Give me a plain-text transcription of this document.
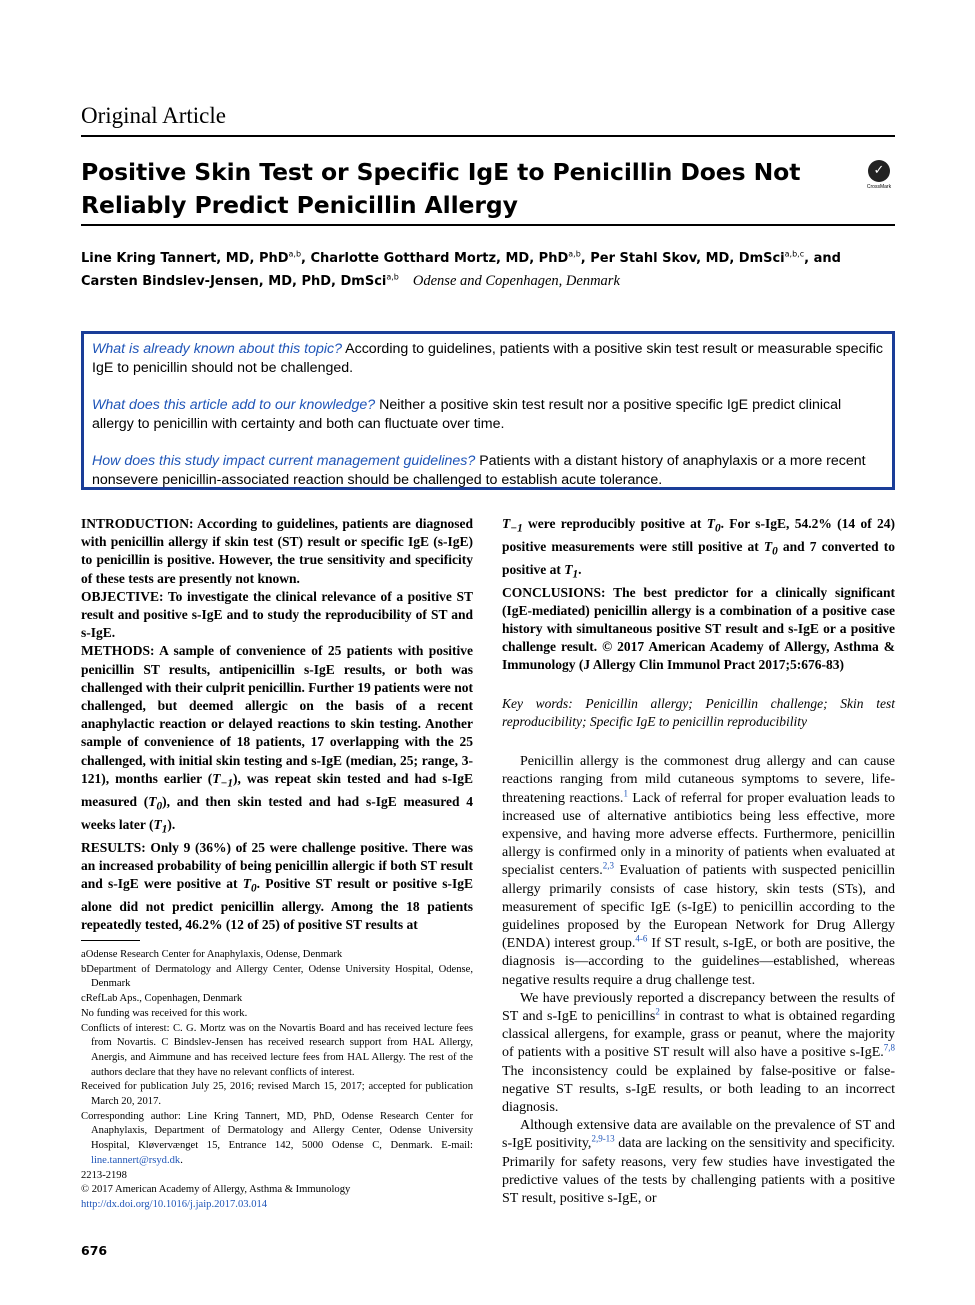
Original Article
Positive Skin Test or Specific IgE to Penicillin Does Not Reliably Predict Penicillin Allergy
✓
CrossMark
Line Kring Tannert, MD, PhD$^{a,b}$, Charlotte Gotthard Mortz, MD, PhD$^{a,b}$, Per Stahl Skov, MD, DmSci$^{a,b,c}$, and
Carsten Bindslev-Jensen, MD, PhD, DmSci$^{a,b}$ Odense and Copenhagen, Denmark

What is already known about this topic? According to guidelines, patients with a positive skin test result or measurable specific IgE to penicillin should not be challenged.

What does this article add to our knowledge? Neither a positive skin test result nor a positive specific IgE predict clinical allergy to penicillin with certainty and both can fluctuate over time.

How does this study impact current management guidelines? Patients with a distant history of anaphylaxis or a more recent nonsevere penicillin-associated reaction should be challenged to establish acute tolerance.

INTRODUCTION: According to guidelines, patients are diagnosed with penicillin allergy if skin test (ST) result or specific IgE (s-IgE) to penicillin is positive. However, the true sensitivity and specificity of these tests are presently not known.

OBJECTIVE: To investigate the clinical relevance of a positive ST result and positive s-IgE and to study the reproducibility of ST and s-IgE.

METHODS: A sample of convenience of 25 patients with positive penicillin ST results, antipenicillin s-IgE results, or both was challenged with their culprit penicillin. Further 19 patients were not challenged, but deemed allergic on the basis of a recent anaphylactic reaction or delayed reactions to skin testing. Another sample of convenience of 18 patients, 17 overlapping with the 25 challenged, with initial skin testing and s-IgE (median, 25; range, 3-121), months earlier $(T_{-1})$, was repeat skin tested and had s-IgE measured $(T_0)$, and then skin tested and had s-IgE measured 4 weeks later $(T_1)$.

RESULTS: Only 9 (36%) of 25 were challenge positive. There was an increased probability of being penicillin allergic if both ST result and s-IgE were positive at $T_0$. Positive ST result or positive s-IgE alone did not predict penicillin allergy. Among the 18 patients repeatedly tested, 46.2% (12 of 25) of positive ST results at

$T_{-1}$ were reproducibly positive at $T_0$. For s-IgE, 54.2% (14 of 24) positive measurements were still positive at $T_0$ and 7 converted to positive at $T_1$.

CONCLUSIONS: The best predictor for a clinically significant (IgE-mediated) penicillin allergy is a combination of a positive case history with simultaneous positive ST result and s-IgE or a positive challenge result. © 2017 American Academy of Allergy, Asthma & Immunology (J Allergy Clin Immunol Pract 2017;5:676-83)

Key words: Penicillin allergy; Penicillin challenge; Skin test reproducibility; Specific IgE to penicillin reproducibility

Penicillin allergy is the commonest drug allergy and can cause reactions ranging from mild cutaneous symptoms to severe, life-threatening reactions.$^1$ Lack of referral for proper evaluation leads to increased use of alternative antibiotics being less effective, more expensive, and having more adverse effects. Furthermore, penicillin allergy is confirmed only in a minority of patients when evaluated at specialist centers.$^{2,3}$ Evaluation of patients with suspected penicillin allergy primarily consists of case history, skin tests (STs), and measurement of specific IgE (s-IgE) to penicillin according to the guidelines proposed by the European Network for Drug Allergy (ENDA) interest group.$^{4-6}$ If ST result, s-IgE, or both are positive, the diagnosis is—according to the guidelines—established, whereas negative results require a drug challenge test.

We have previously reported a discrepancy between the results of ST and s-IgE to penicillins$^2$ in contrast to what is obtained regarding classical allergens, for example, grass or peanut, where the majority of patients with a positive ST result will also have a positive s-IgE.$^{7,8}$ The inconsistency could be explained by false-positive or false-negative ST results, s-IgE results, or both leading to an incorrect diagnosis.

Although extensive data are available on the prevalence of ST and s-IgE positivity,$^{2,9-13}$ data are lacking on the sensitivity and specificity. Primarily for safety reasons, very few studies have investigated the predictive values of the tests by challenging patients with a positive ST result, positive s-IgE, or

aOdense Research Center for Anaphylaxis, Odense, Denmark

bDepartment of Dermatology and Allergy Center, Odense University Hospital, Odense, Denmark

cRefLab Aps., Copenhagen, Denmark

No funding was received for this work.

Conflicts of interest: C. G. Mortz was on the Novartis Board and has received lecture fees from Novartis. C Bindslev-Jensen has received research support from HAL Allergy, Anergis, and Aimmune and has received lecture fees from HAL Allergy. The rest of the authors declare that they have no relevant conflicts of interest.

Received for publication July 25, 2016; revised March 15, 2017; accepted for publication March 20, 2017.

Corresponding author: Line Kring Tannert, MD, PhD, Odense Research Center for Anaphylaxis, Department of Dermatology and Allergy Center, Odense University Hospital, Kløvervænget 15, Entrance 142, 5000 Odense C, Denmark. E-mail: line.tannert@rsyd.dk.

2213-2198

© 2017 American Academy of Allergy, Asthma & Immunology

http://dx.doi.org/10.1016/j.jaip.2017.03.014

676
